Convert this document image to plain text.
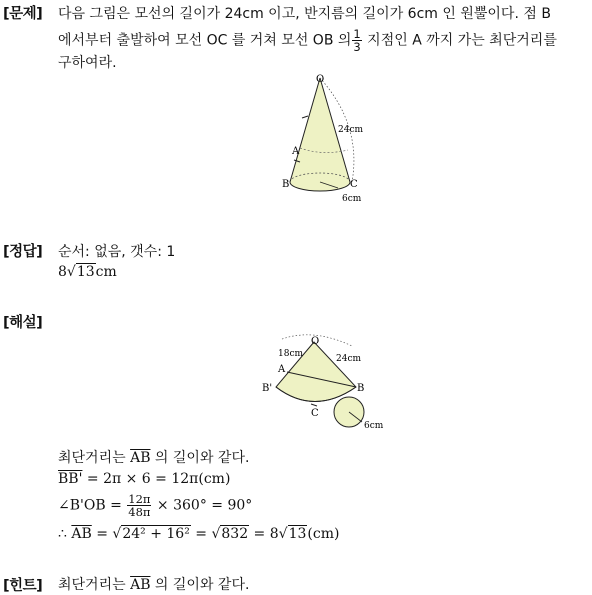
[문제] 다음 그림은 모선의 길이가 24cm 이고, 반지름의 길이가 6cm 인 원뿔이다. 점 B
에서부터 출발하여 모선 OC 를 거쳐 모선 OB 의 $\frac{1}{3}$ 지점인 A 까지 가는 최단거리를
구하여라.
O
A
B	C
24cm
6cm
[정답] 순서: 없음, 갯수: 1
8√13cm
[해설]
O
18cm	24cm
A
B'	B
C
6cm
최단거리는 $\overline{AB}$ 의 길이와 같다.
BB' = 2π × 6 = 12π(cm)
∠B'OB = $\frac{12\pi}{48\pi} \times 360^\circ = 90^\circ$
∴ $\overline{AB} = √24^2 + 16^2 = √832 = 8√13(cm)$
[힌트] 최단거리는 $\overline{AB}$ 의 길이와 같다.
